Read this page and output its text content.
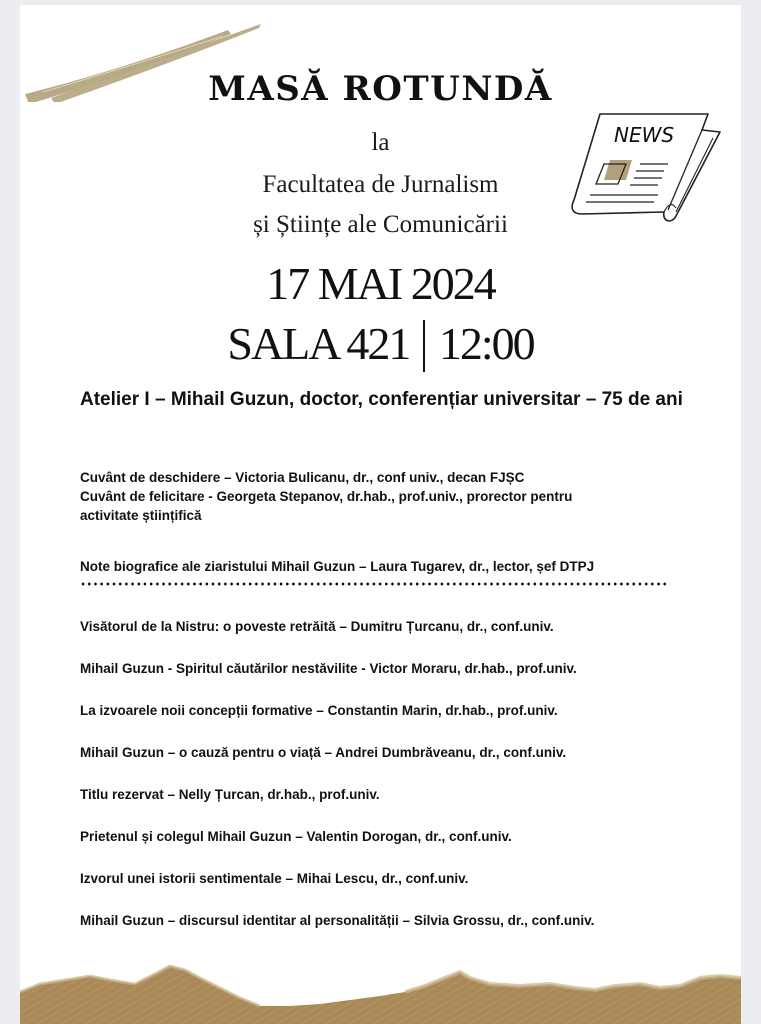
MASĂ ROTUNDĂ

la

Facultatea de Jurnalism

și Științe ale Comunicării

NEWS

17 MAI 2024

SALA 421 12:00

Atelier I – Mihail Guzun, doctor, conferențiar universitar – 75 de ani

Cuvânt de deschidere – Victoria Bulicanu, dr., conf univ., decan FJȘC
Cuvânt de felicitare - Georgeta Stepanov, dr.hab., prof.univ., prorector pentru
activitate științifică
Note biografice ale ziaristului Mihail Guzun – Laura Tugarev, dr., lector, șef DTPJ
Visătorul de la Nistru: o poveste retrăită – Dumitru Țurcanu, dr., conf.univ.
Mihail Guzun - Spiritul căutărilor nestăvilite - Victor Moraru, dr.hab., prof.univ.
La izvoarele noii concepții formative – Constantin Marin, dr.hab., prof.univ.
Mihail Guzun – o cauză pentru o viață – Andrei Dumbrăveanu, dr., conf.univ.
Titlu rezervat – Nelly Țurcan, dr.hab., prof.univ.
Prietenul și colegul Mihail Guzun – Valentin Dorogan, dr., conf.univ.
Izvorul unei istorii sentimentale – Mihai Lescu, dr., conf.univ.
Mihail Guzun – discursul identitar al personalității – Silvia Grossu, dr., conf.univ.
